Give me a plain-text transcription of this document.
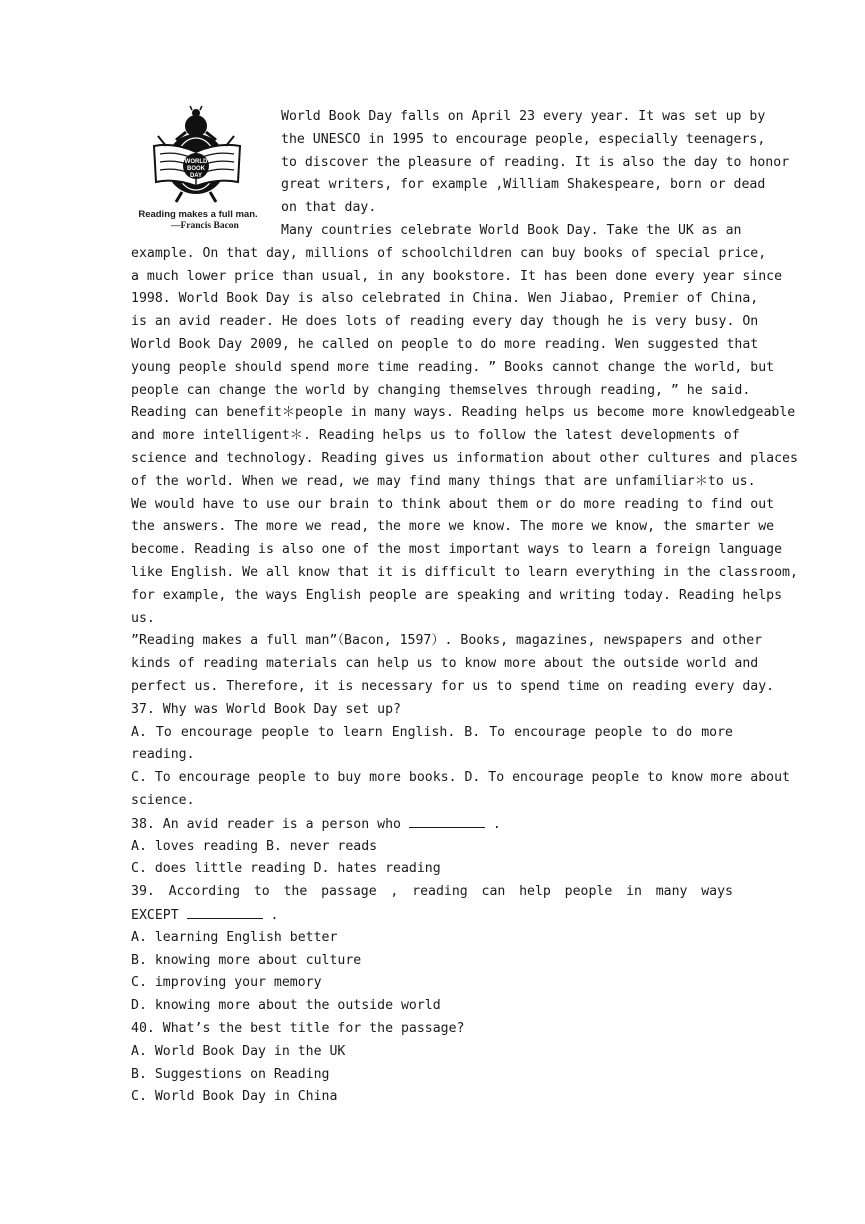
WORLD
BOOK
DAY
Reading makes a full man.
—Francis Bacon
World Book Day falls on April 23 every year. It was set up by
the UNESCO in 1995 to encourage people, especially teenagers,
to discover the pleasure of reading. It is also the day to honor
great writers, for example ,William Shakespeare, born or dead
on that day.
Many countries celebrate World Book Day. Take the UK as an
example. On that day, millions of schoolchildren can buy books of special price,
a much lower price than usual, in any bookstore. It has been done every year since
1998. World Book Day is also celebrated in China. Wen Jiabao, Premier of China,
is an avid reader. He does lots of reading every day though he is very busy. On
World Book Day 2009, he called on people to do more reading. Wen suggested that
young people should spend more time reading. ” Books cannot change the world, but
people can change the world by changing themselves through reading, ” he said.
Reading can benefit＊people in many ways. Reading helps us become more knowledgeable
and more intelligent＊. Reading helps us to follow the latest developments of
science and technology. Reading gives us information about other cultures and places
of the world. When we read, we may find many things that are unfamiliar＊to us.
We would have to use our brain to think about them or do more reading to find out
the answers. The more we read, the more we know. The more we know, the smarter we
become. Reading is also one of the most important ways to learn a foreign language
like English. We all know that it is difficult to learn everything in the classroom,
for example, the ways English people are speaking and writing today. Reading helps
us.
”Reading makes a full man”（Bacon, 1597）. Books, magazines, newspapers and other
kinds of reading materials can help us to know more about the outside world and
perfect us. Therefore, it is necessary for us to spend time on reading every day.
37. Why was World Book Day set up?
A. To encourage people to learn English. B. To encourage people to do more
reading.
C. To encourage people to buy more books. D. To encourage people to know more about
science.
38. An avid reader is a person who	.
A. loves reading B. never reads
C. does little reading D. hates reading
39. According to the passage , reading can help people in many ways
EXCEPT	.
A. learning English better
B. knowing more about culture
C. improving your memory
D. knowing more about the outside world
40. What’s the best title for the passage?
A. World Book Day in the UK
B. Suggestions on Reading
C. World Book Day in China
